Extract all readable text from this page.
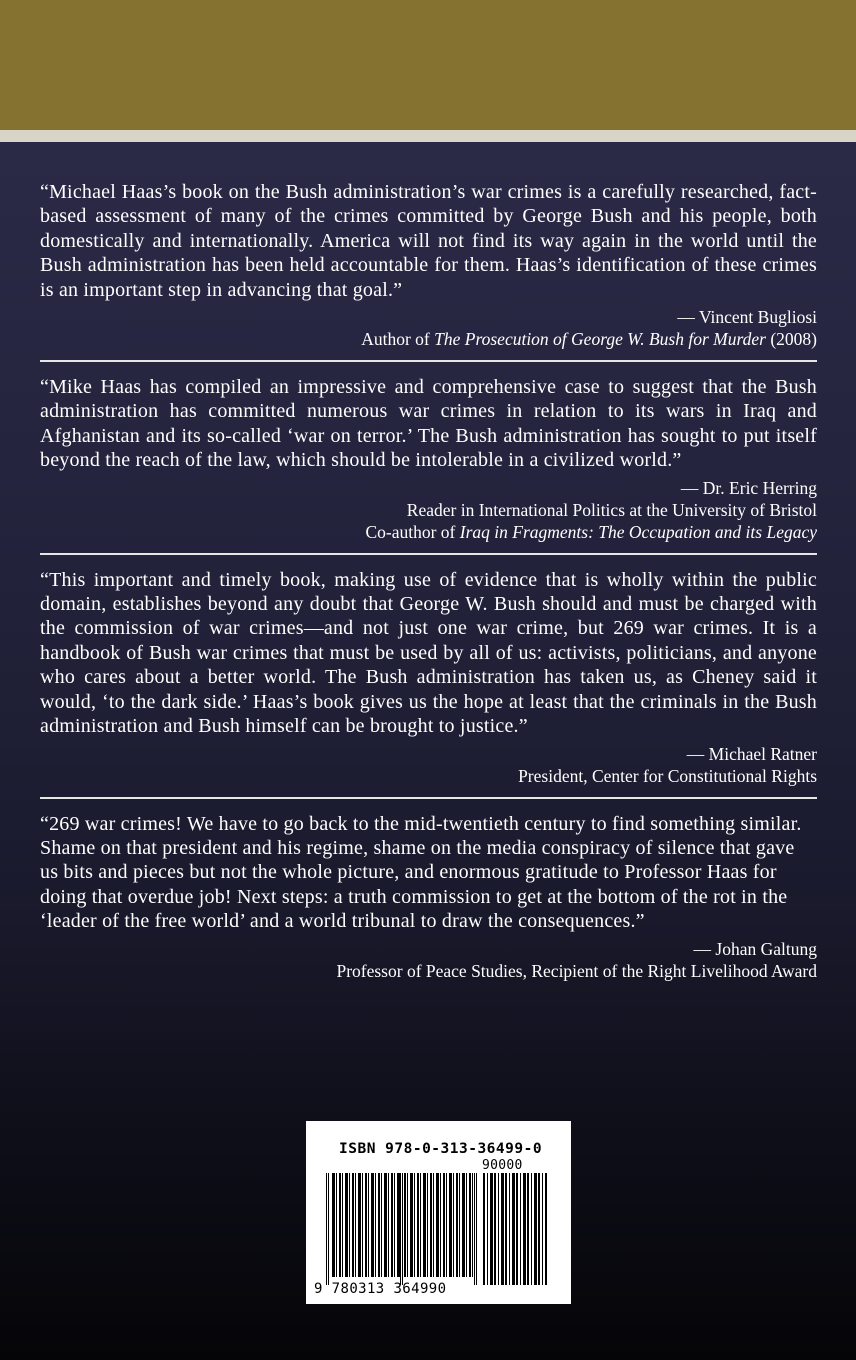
“Michael Haas’s book on the Bush administration’s war crimes is a carefully researched, fact-based assessment of many of the crimes committed by George Bush and his people, both domestically and internationally. America will not find its way again in the world until the Bush administration has been held accountable for them. Haas’s identification of these crimes is an important step in advancing that goal.”

— Vincent Bugliosi
Author of The Prosecution of George W. Bush for Murder (2008)

“Mike Haas has compiled an impressive and comprehensive case to suggest that the Bush administration has committed numerous war crimes in relation to its wars in Iraq and Afghanistan and its so-called ‘war on terror.’ The Bush administration has sought to put itself beyond the reach of the law, which should be intolerable in a civilized world.”

— Dr. Eric Herring
Reader in International Politics at the University of Bristol
Co-author of Iraq in Fragments: The Occupation and its Legacy

“This important and timely book, making use of evidence that is wholly within the public domain, establishes beyond any doubt that George W. Bush should and must be charged with the commission of war crimes—and not just one war crime, but 269 war crimes. It is a handbook of Bush war crimes that must be used by all of us: activists, politicians, and anyone who cares about a better world. The Bush administration has taken us, as Cheney said it would, ‘to the dark side.’ Haas’s book gives us the hope at least that the criminals in the Bush administration and Bush himself can be brought to justice.”

— Michael Ratner
President, Center for Constitutional Rights

“269 war crimes! We have to go back to the mid-twentieth century to find something similar. Shame on that president and his regime, shame on the media conspiracy of silence that gave us bits and pieces but not the whole picture, and enormous gratitude to Professor Haas for doing that overdue job! Next steps: a truth commission to get at the bottom of the rot in the ‘leader of the free world’ and a world tribunal to draw the consequences.”

— Johan Galtung
Professor of Peace Studies, Recipient of the Right Livelihood Award
ISBN 978-0-313-36499-0
90000
9 780313 364990
